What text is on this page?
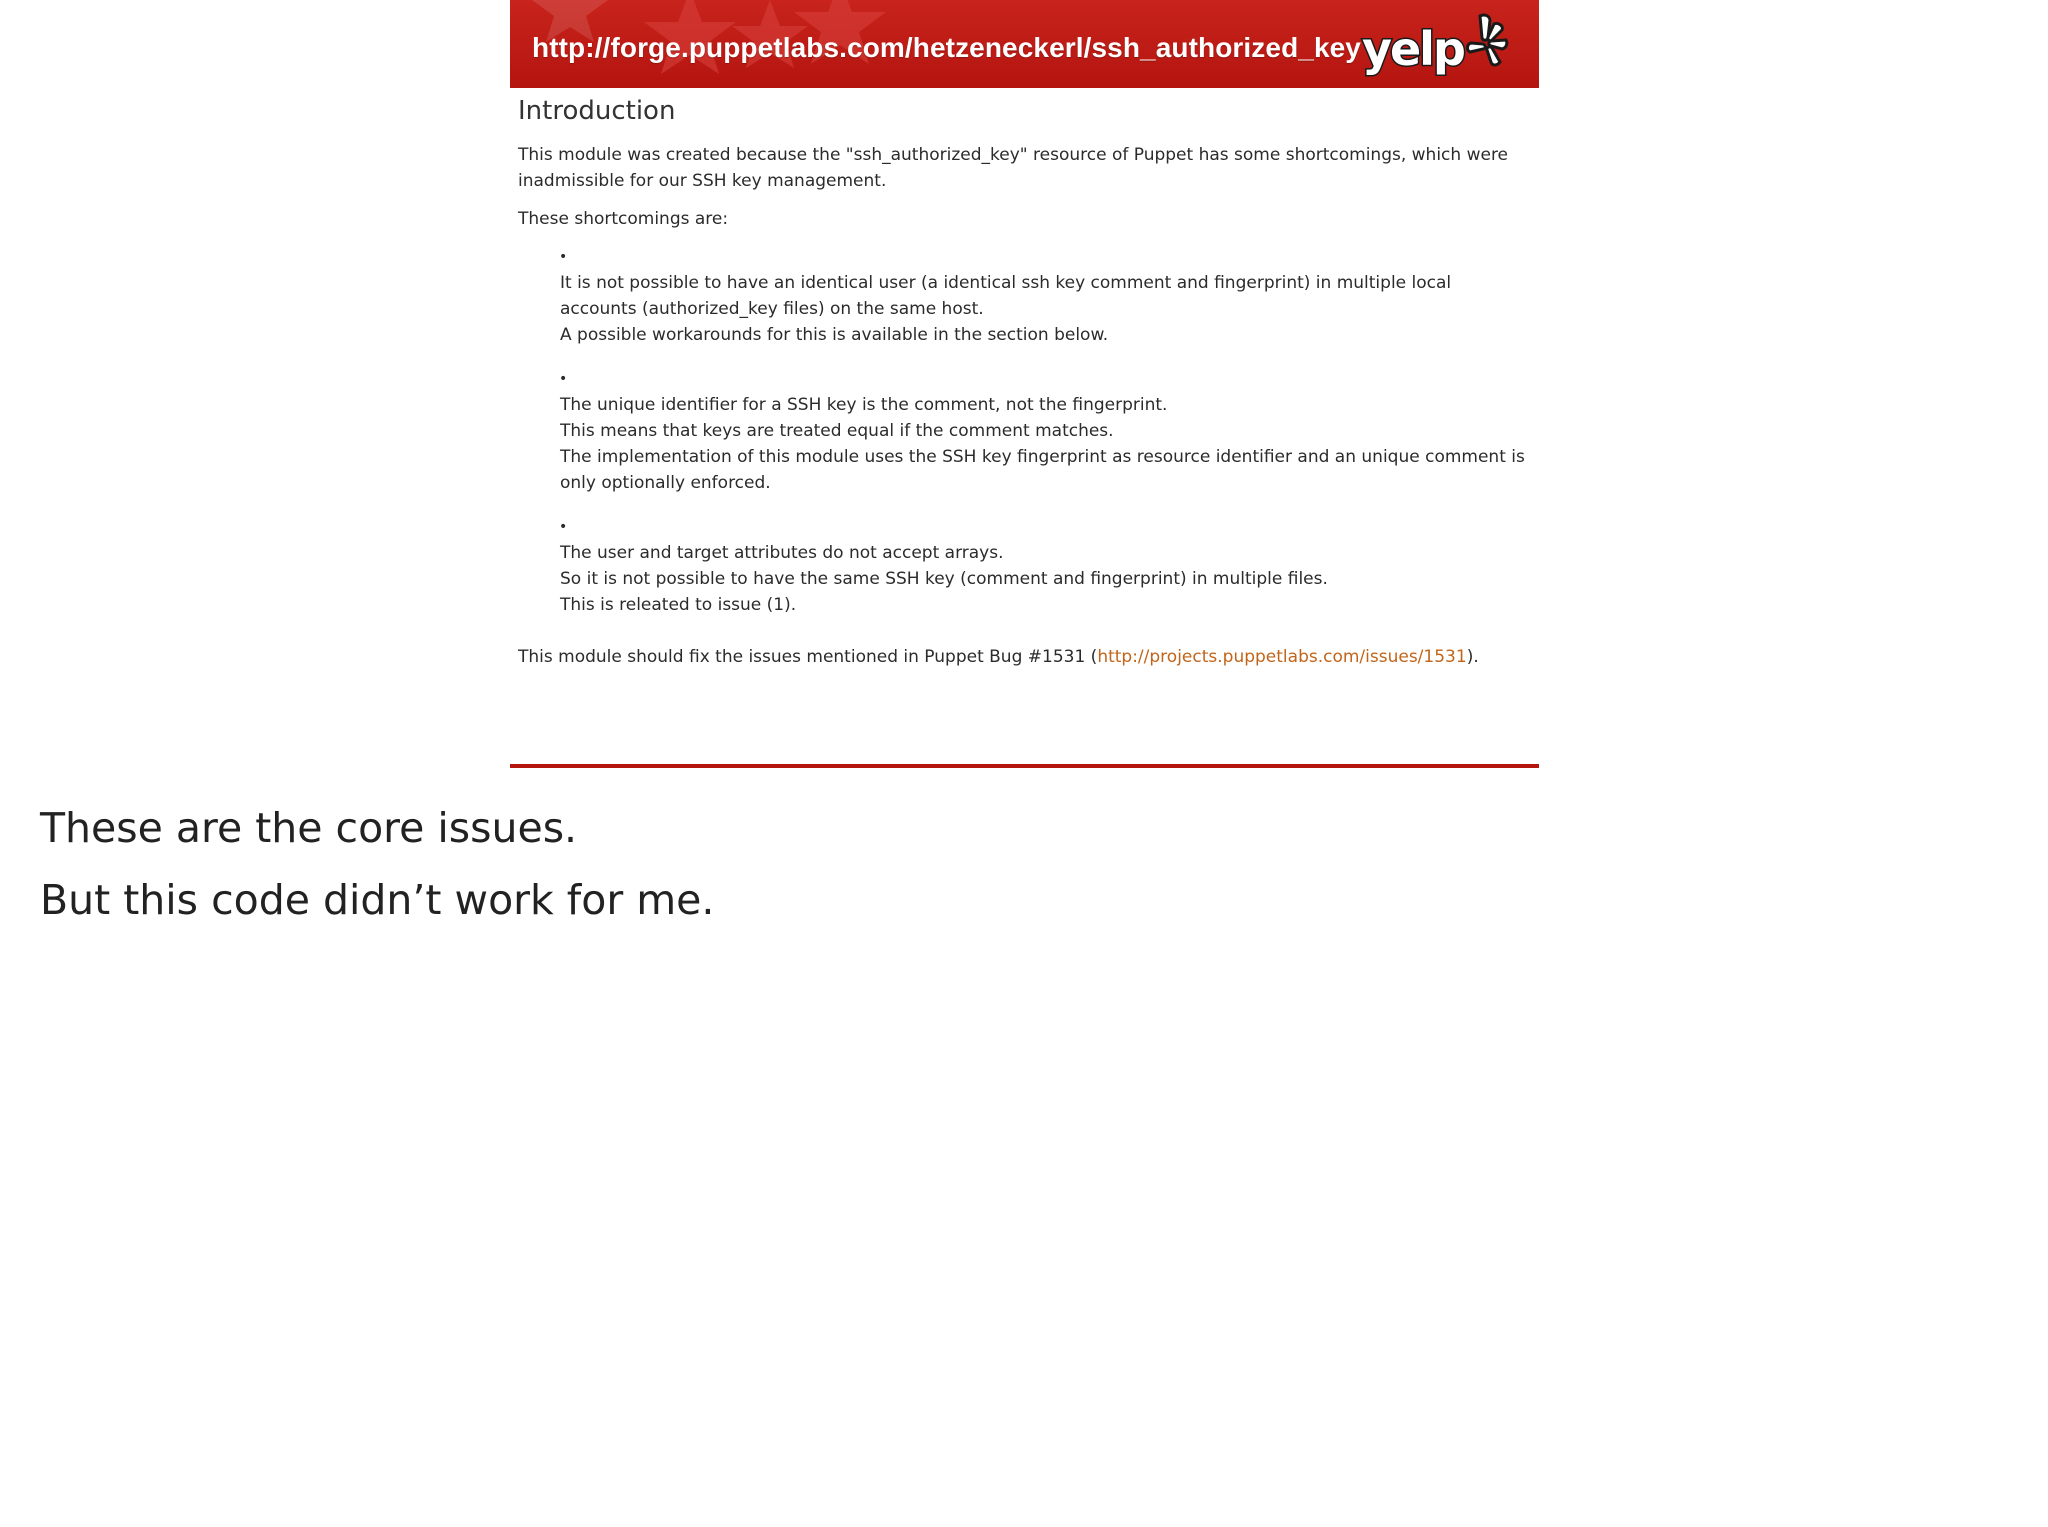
http://forge.puppetlabs.com/hetzeneckerl/ssh_authorized_key yelp
Introduction

This module was created because the "ssh_authorized_key" resource of Puppet has some shortcomings, which were inadmissible for our SSH key management.

These shortcomings are:

•
It is not possible to have an identical user (a identical ssh key comment and fingerprint) in multiple local accounts (authorized_key files) on the same host.
A possible workarounds for this is available in the section below.
•
The unique identifier for a SSH key is the comment, not the fingerprint.
This means that keys are treated equal if the comment matches.
The implementation of this module uses the SSH key fingerprint as resource identifier and an unique comment is only optionally enforced.
•
The user and target attributes do not accept arrays.
So it is not possible to have the same SSH key (comment and fingerprint) in multiple files.
This is releated to issue (1).

This module should fix the issues mentioned in Puppet Bug #1531 (http://projects.puppetlabs.com/issues/1531).

These are the core issues.
But this code didn’t work for me.
